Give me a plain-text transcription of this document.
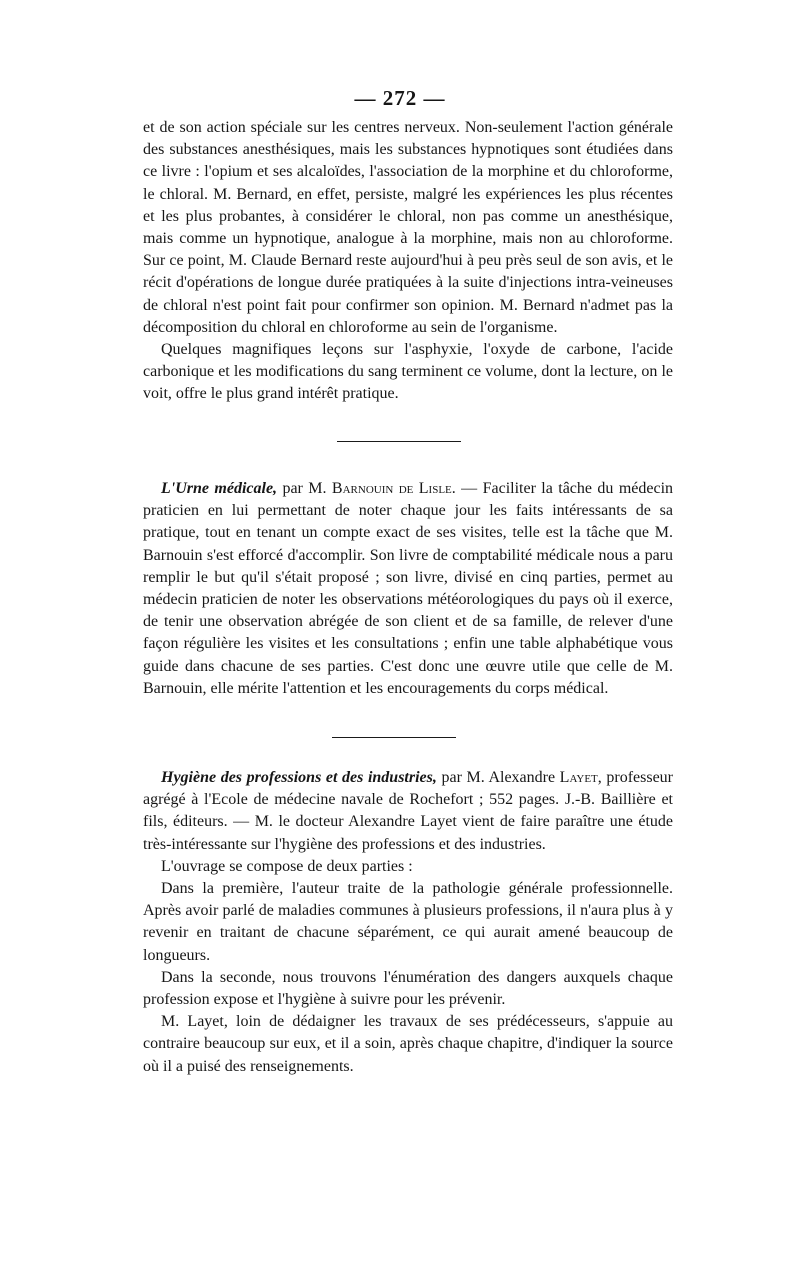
— 272 —

et de son action spéciale sur les centres nerveux. Non-seulement l'action générale des substances anesthésiques, mais les substances hypnotiques sont étudiées dans ce livre : l'opium et ses alcaloïdes, l'association de la morphine et du chloroforme, le chloral. M. Bernard, en effet, persiste, malgré les expériences les plus récentes et les plus probantes, à considérer le chloral, non pas comme un anesthésique, mais comme un hypnotique, analogue à la morphine, mais non au chloroforme. Sur ce point, M. Claude Bernard reste aujourd'hui à peu près seul de son avis, et le récit d'opérations de longue durée pratiquées à la suite d'injections intra-veineuses de chloral n'est point fait pour confirmer son opinion. M. Bernard n'admet pas la décomposition du chloral en chloroforme au sein de l'organisme.

Quelques magnifiques leçons sur l'asphyxie, l'oxyde de carbone, l'acide carbonique et les modifications du sang terminent ce volume, dont la lecture, on le voit, offre le plus grand intérêt pratique.

L'Urne médicale, par M. Barnouin de Lisle. — Faciliter la tâche du médecin praticien en lui permettant de noter chaque jour les faits intéressants de sa pratique, tout en tenant un compte exact de ses visites, telle est la tâche que M. Barnouin s'est efforcé d'accomplir. Son livre de comptabilité médicale nous a paru remplir le but qu'il s'était proposé ; son livre, divisé en cinq parties, permet au médecin praticien de noter les observations météorologiques du pays où il exerce, de tenir une observation abrégée de son client et de sa famille, de relever d'une façon régulière les visites et les consultations ; enfin une table alphabétique vous guide dans chacune de ses parties. C'est donc une œuvre utile que celle de M. Barnouin, elle mérite l'attention et les encouragements du corps médical.

Hygiène des professions et des industries, par M. Alexandre Layet, professeur agrégé à l'Ecole de médecine navale de Rochefort ; 552 pages. J.-B. Baillière et fils, éditeurs. — M. le docteur Alexandre Layet vient de faire paraître une étude très-intéressante sur l'hygiène des professions et des industries.

L'ouvrage se compose de deux parties :

Dans la première, l'auteur traite de la pathologie générale professionnelle. Après avoir parlé de maladies communes à plusieurs professions, il n'aura plus à y revenir en traitant de chacune séparément, ce qui aurait amené beaucoup de longueurs.

Dans la seconde, nous trouvons l'énumération des dangers auxquels chaque profession expose et l'hygiène à suivre pour les prévenir.

M. Layet, loin de dédaigner les travaux de ses prédécesseurs, s'appuie au contraire beaucoup sur eux, et il a soin, après chaque chapitre, d'indiquer la source où il a puisé des renseignements.
